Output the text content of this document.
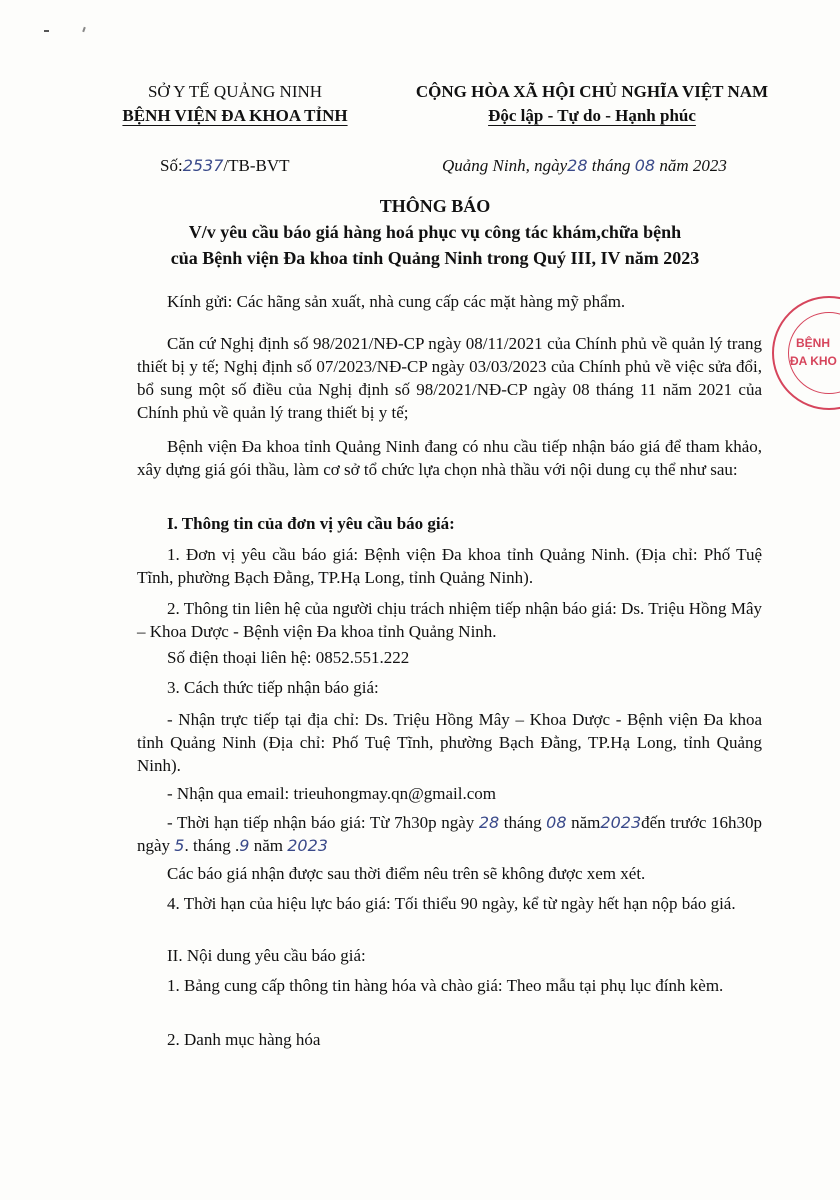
SỞ Y TẾ QUẢNG NINH
BỆNH VIỆN ĐA KHOA TỈNH
CỘNG HÒA XÃ HỘI CHỦ NGHĨA VIỆT NAM
Độc lập - Tự do - Hạnh phúc
Số:2537/TB-BVT	Quảng Ninh, ngày28 tháng 08 năm 2023
THÔNG BÁO
V/v yêu cầu báo giá hàng hoá phục vụ công tác khám,chữa bệnh
của Bệnh viện Đa khoa tỉnh Quảng Ninh trong Quý III, IV năm 2023
Kính gửi: Các hãng sản xuất, nhà cung cấp các mặt hàng mỹ phẩm.
Căn cứ Nghị định số 98/2021/NĐ-CP ngày 08/11/2021 của Chính phủ về quản lý trang thiết bị y tế; Nghị định số 07/2023/NĐ-CP ngày 03/03/2023 của Chính phủ về việc sửa đổi, bổ sung một số điều của Nghị định số 98/2021/NĐ-CP ngày 08 tháng 11 năm 2021 của Chính phủ về quản lý trang thiết bị y tế;
Bệnh viện Đa khoa tỉnh Quảng Ninh đang có nhu cầu tiếp nhận báo giá để tham khảo, xây dựng giá gói thầu, làm cơ sở tổ chức lựa chọn nhà thầu với nội dung cụ thể như sau:
I. Thông tin của đơn vị yêu cầu báo giá:
1. Đơn vị yêu cầu báo giá: Bệnh viện Đa khoa tỉnh Quảng Ninh. (Địa chỉ: Phố Tuệ Tĩnh, phường Bạch Đằng, TP.Hạ Long, tỉnh Quảng Ninh).
2. Thông tin liên hệ của người chịu trách nhiệm tiếp nhận báo giá: Ds. Triệu Hồng Mây – Khoa Dược - Bệnh viện Đa khoa tỉnh Quảng Ninh.
Số điện thoại liên hệ: 0852.551.222
3. Cách thức tiếp nhận báo giá:
- Nhận trực tiếp tại địa chỉ: Ds. Triệu Hồng Mây – Khoa Dược - Bệnh viện Đa khoa tỉnh Quảng Ninh (Địa chỉ: Phố Tuệ Tĩnh, phường Bạch Đằng, TP.Hạ Long, tỉnh Quảng Ninh).
- Nhận qua email: trieuhongmay.qn@gmail.com
- Thời hạn tiếp nhận báo giá: Từ 7h30p ngày 28 tháng 08 năm2023đến trước 16h30p ngày 5. tháng .9 năm 2023
Các báo giá nhận được sau thời điểm nêu trên sẽ không được xem xét.
4. Thời hạn của hiệu lực báo giá: Tối thiểu 90 ngày, kể từ ngày hết hạn nộp báo giá.
II. Nội dung yêu cầu báo giá:
1. Bảng cung cấp thông tin hàng hóa và chào giá: Theo mẫu tại phụ lục đính kèm.
2. Danh mục hàng hóa
BỆNH
ĐA KHO
